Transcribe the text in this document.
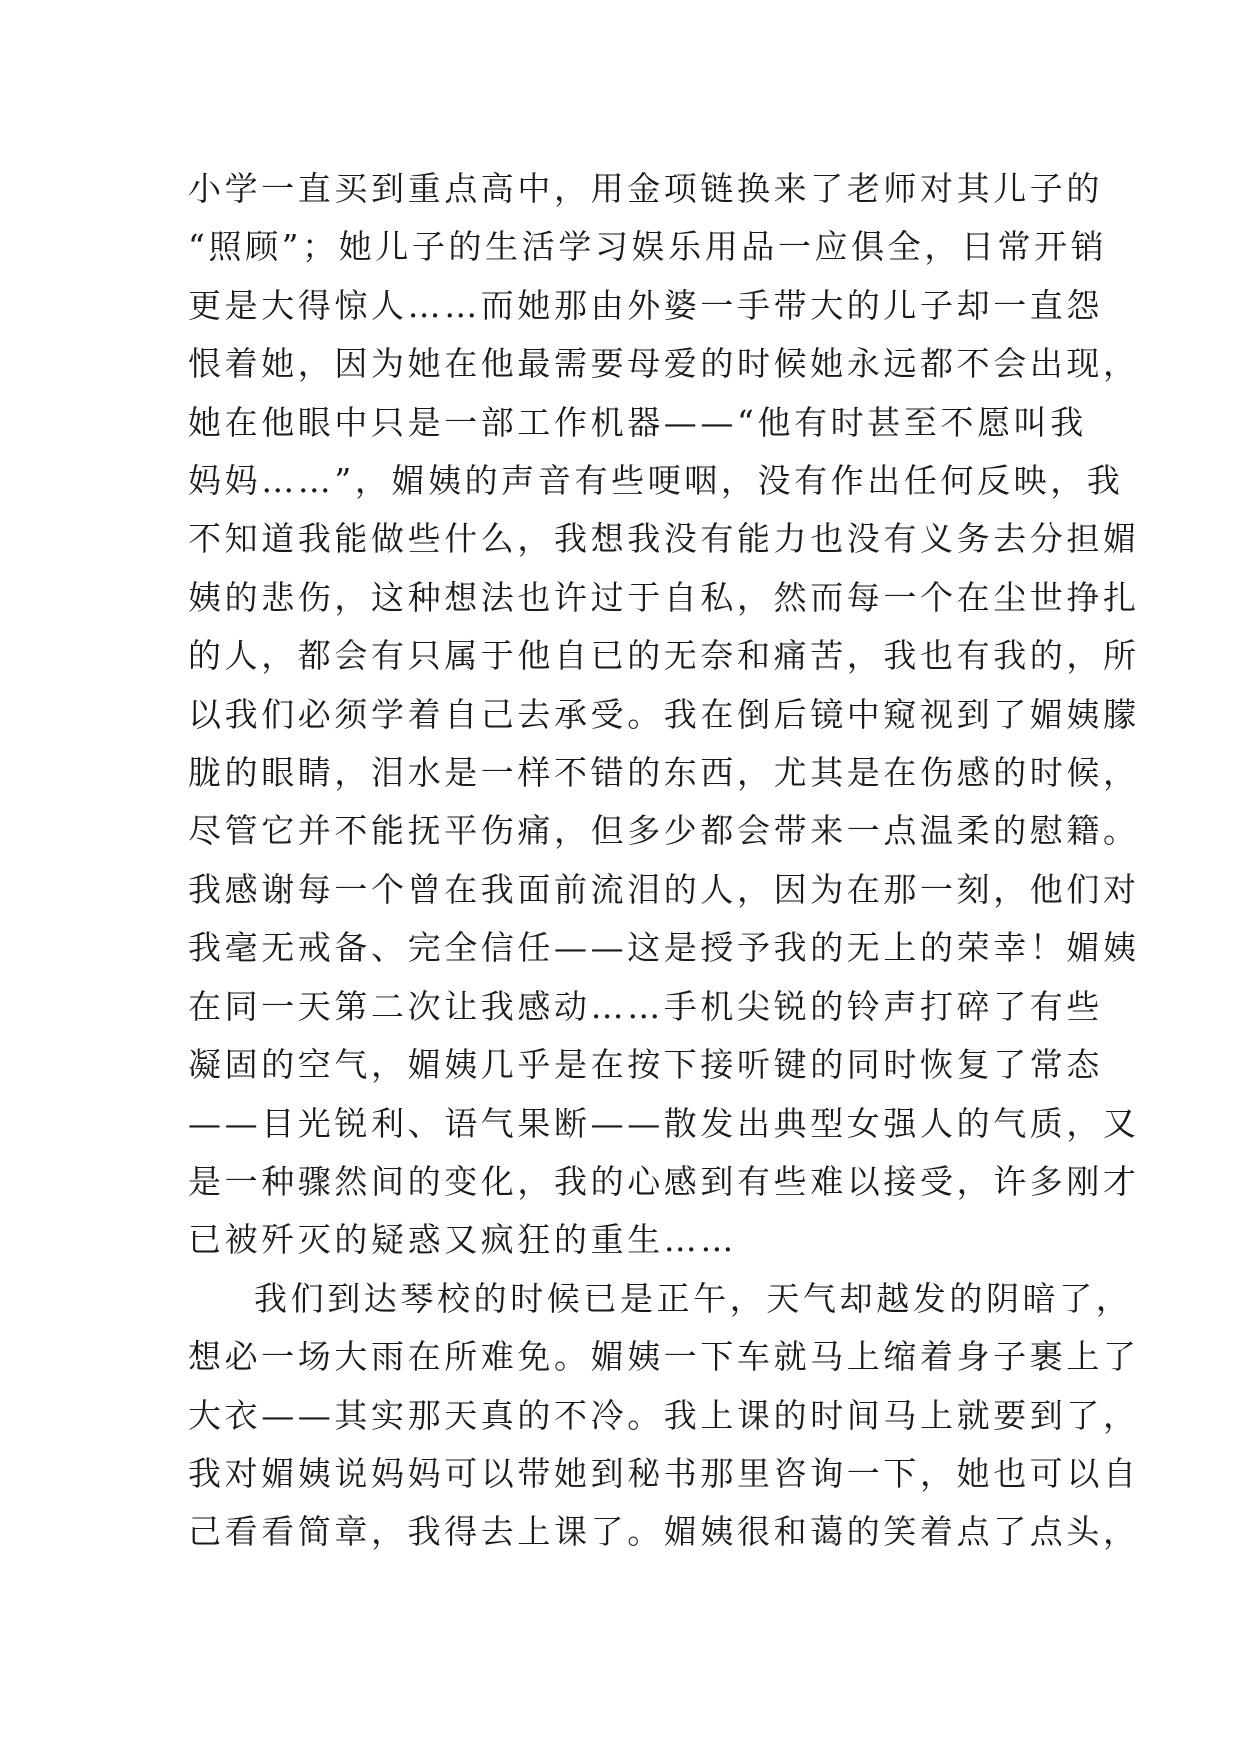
小学一直买到重点高中，用金项链换来了老师对其儿子的
“照顾”；她儿子的生活学习娱乐用品一应俱全，日常开销
更是大得惊人……而她那由外婆一手带大的儿子却一直怨
恨着她，因为她在他最需要母爱的时候她永远都不会出现，
她在他眼中只是一部工作机器——“他有时甚至不愿叫我
妈妈……”，媚姨的声音有些哽咽，没有作出任何反映，我
不知道我能做些什么，我想我没有能力也没有义务去分担媚
姨的悲伤，这种想法也许过于自私，然而每一个在尘世挣扎
的人，都会有只属于他自已的无奈和痛苦，我也有我的，所
以我们必须学着自己去承受。我在倒后镜中窥视到了媚姨朦
胧的眼睛，泪水是一样不错的东西，尤其是在伤感的时候，
尽管它并不能抚平伤痛，但多少都会带来一点温柔的慰籍。
我感谢每一个曾在我面前流泪的人，因为在那一刻，他们对
我毫无戒备、完全信任——这是授予我的无上的荣幸！媚姨
在同一天第二次让我感动……手机尖锐的铃声打碎了有些
凝固的空气，媚姨几乎是在按下接听键的同时恢复了常态
——目光锐利、语气果断——散发出典型女强人的气质，又
是一种骤然间的变化，我的心感到有些难以接受，许多刚才
已被歼灭的疑惑又疯狂的重生……
我们到达琴校的时候已是正午，天气却越发的阴暗了，
想必一场大雨在所难免。媚姨一下车就马上缩着身子裹上了
大衣——其实那天真的不冷。我上课的时间马上就要到了，
我对媚姨说妈妈可以带她到秘书那里咨询一下，她也可以自
己看看简章，我得去上课了。媚姨很和蔼的笑着点了点头，
